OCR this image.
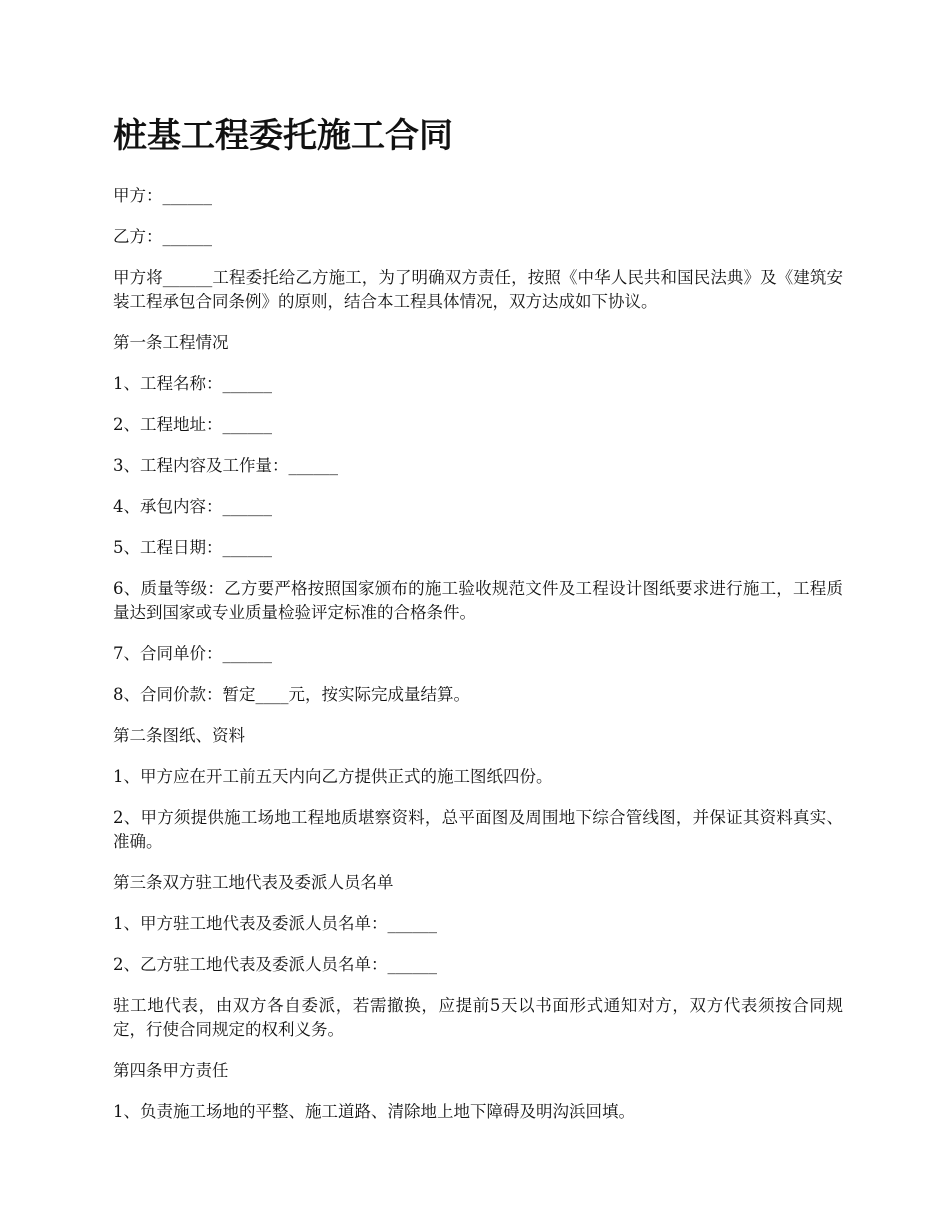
桩基工程委托施工合同

甲方：______

乙方：______

甲方将______工程委托给乙方施工，为了明确双方责任，按照《中华人民共和国民法典》及《建筑安装工程承包合同条例》的原则，结合本工程具体情况，双方达成如下协议。

第一条工程情况

1、工程名称：______

2、工程地址：______

3、工程内容及工作量：______

4、承包内容：______

5、工程日期：______

6、质量等级：乙方要严格按照国家颁布的施工验收规范文件及工程设计图纸要求进行施工，工程质量达到国家或专业质量检验评定标准的合格条件。

7、合同单价：______

8、合同价款：暂定____元，按实际完成量结算。

第二条图纸、资料

1、甲方应在开工前五天内向乙方提供正式的施工图纸四份。

2、甲方须提供施工场地工程地质堪察资料，总平面图及周围地下综合管线图，并保证其资料真实、准确。

第三条双方驻工地代表及委派人员名单

1、甲方驻工地代表及委派人员名单：______

2、乙方驻工地代表及委派人员名单：______

驻工地代表，由双方各自委派，若需撤换，应提前5天以书面形式通知对方，双方代表须按合同规定，行使合同规定的权利义务。

第四条甲方责任

1、负责施工场地的平整、施工道路、清除地上地下障碍及明沟浜回填。
